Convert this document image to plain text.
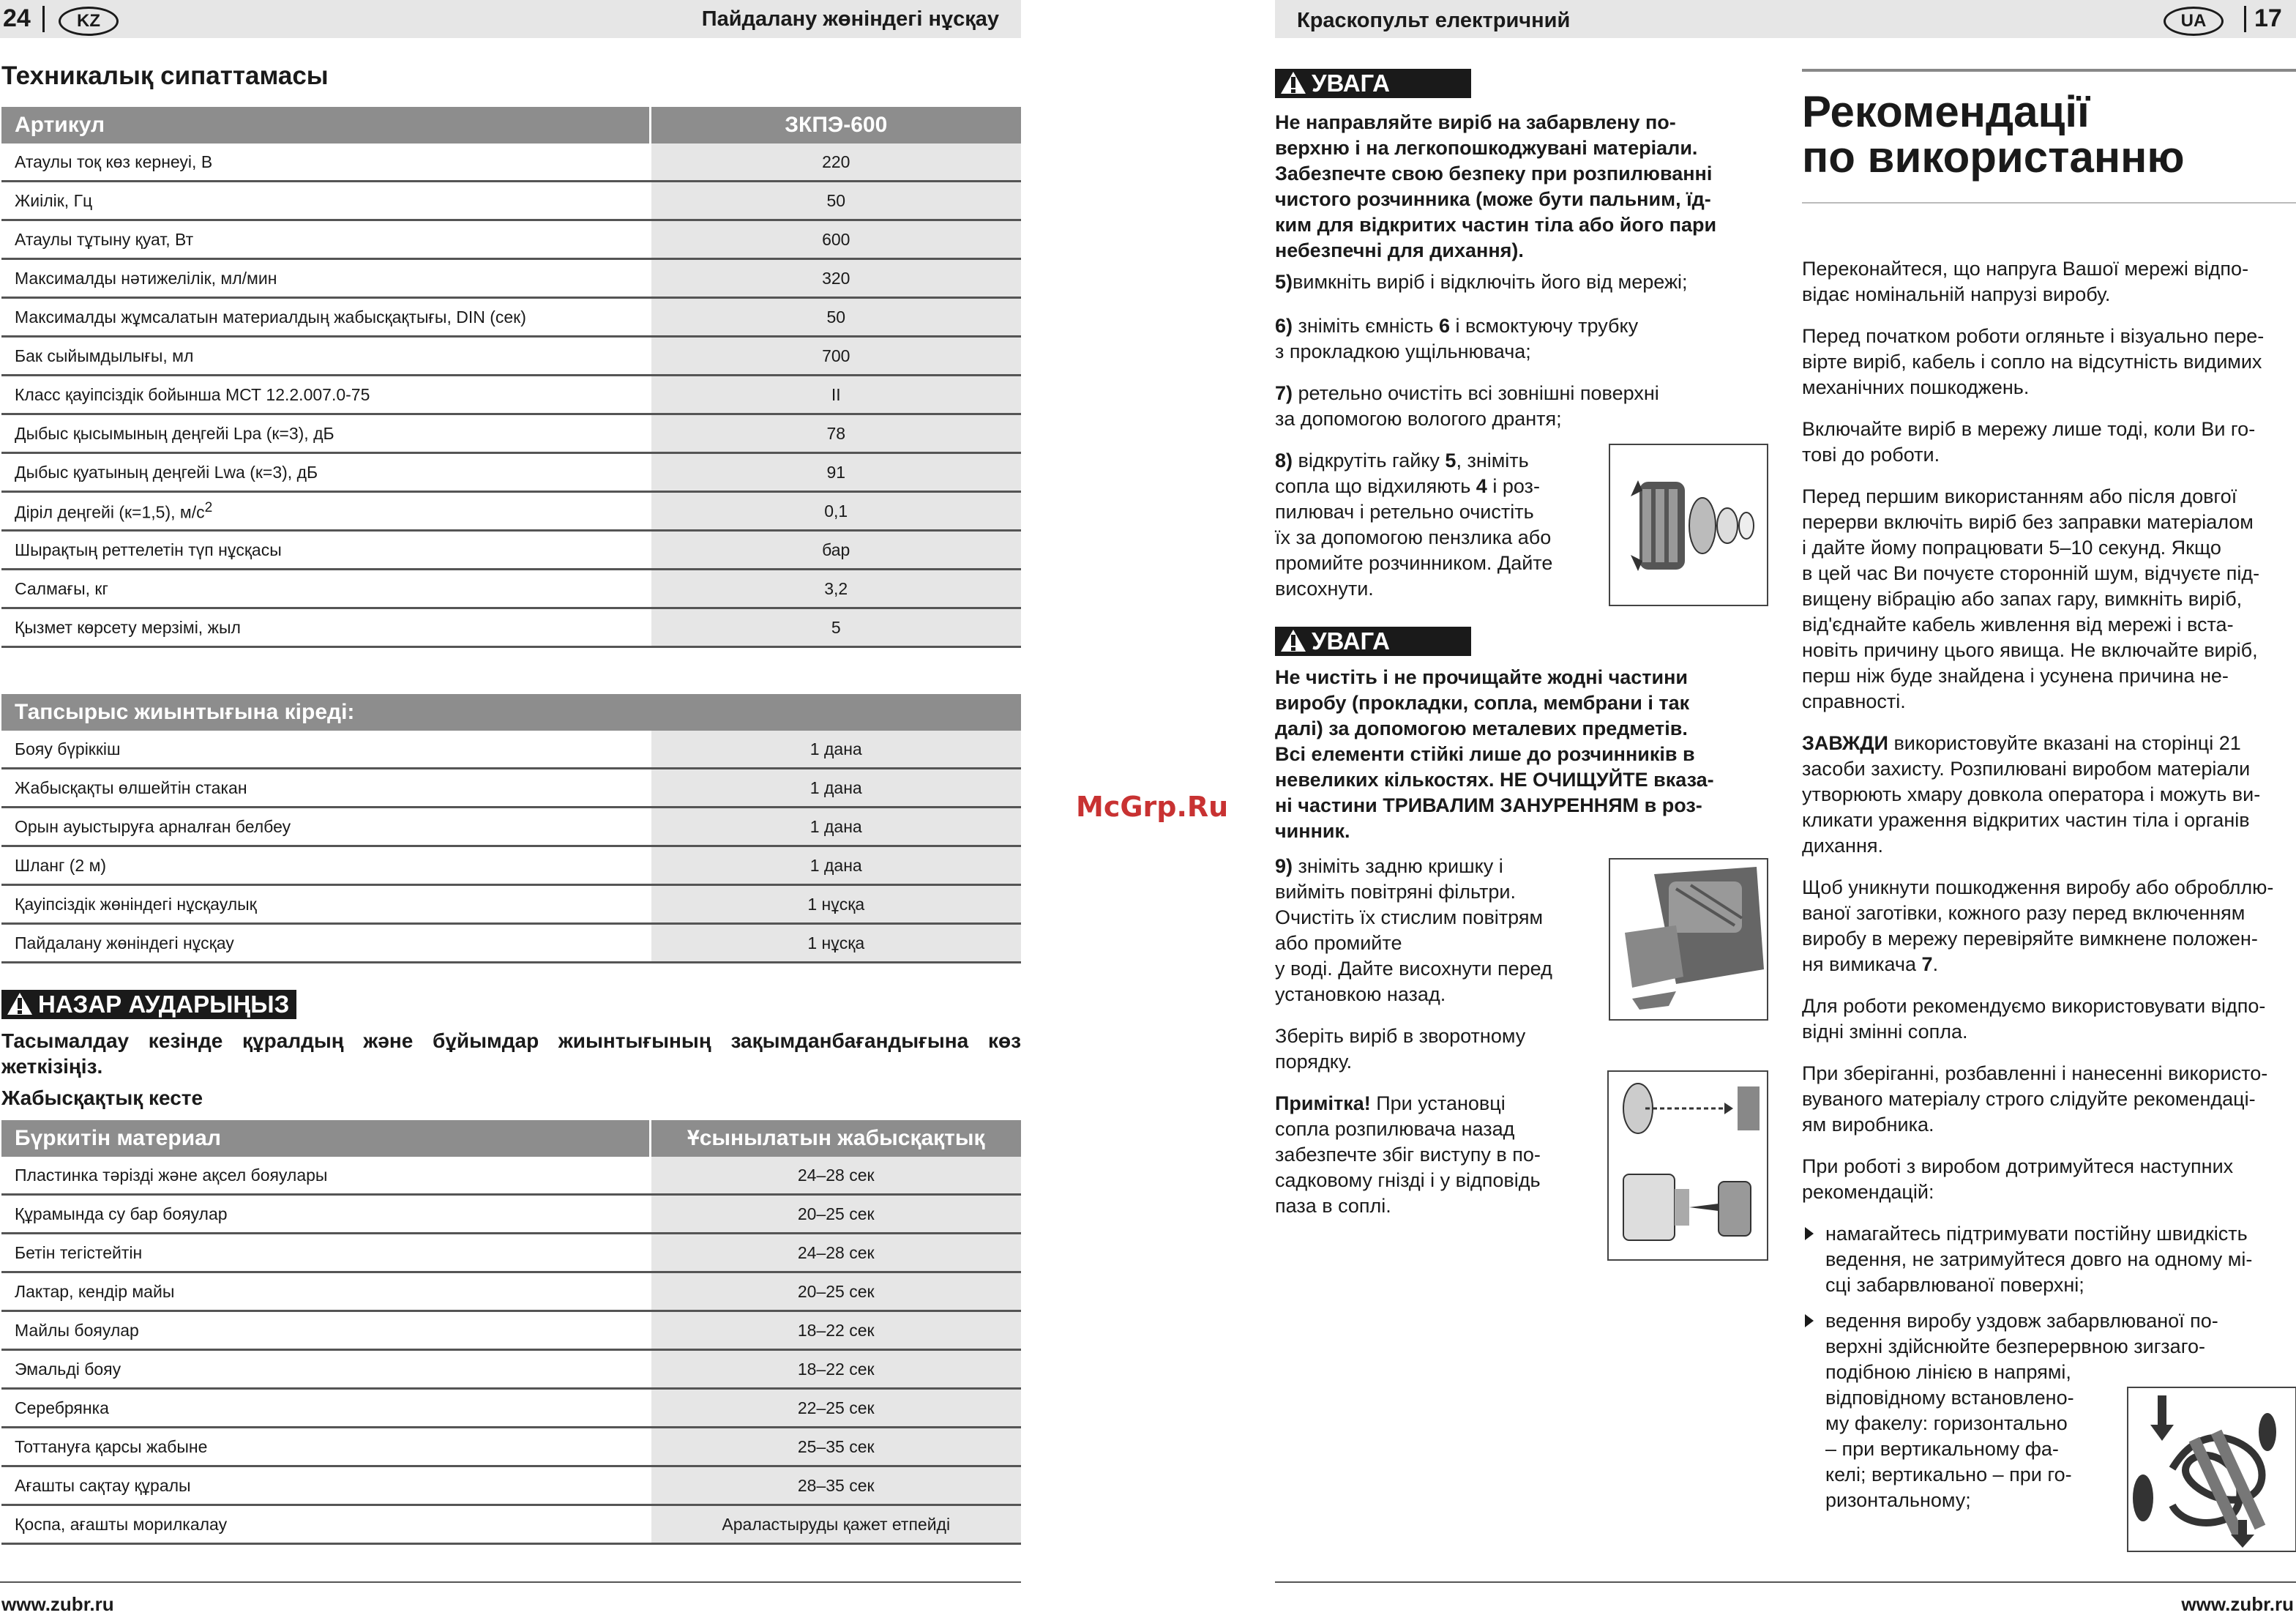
24	KZ	Пайдалану жөніндегі нұсқау
Техникалық сипаттамасы
Артикул	ЗКПЭ-600
Атаулы тоқ көз кернеуі, В	220
Жиілік, Гц	50
Атаулы тұтыну қуат, Вт	600
Максималды нәтижелілік, мл/мин	320
Максималды жұмсалатын материалдың жабысқақтығы, DIN (сек)	50
Бак сыйымдылығы, мл	700
Класс қауіпсіздік бойынша МСТ 12.2.007.0-75	II
Дыбыс қысымының деңгейі Lpa (к=3), дБ	78
Дыбыс қуатының деңгейі Lwa (к=3), дБ	91
Діріл деңгейі (к=1,5), $м/с^2$	0,1
Шырақтың реттелетін түп нұсқасы	бар
Салмағы, кг	3,2
Қызмет көрсету мерзімі, жыл	5
Тапсырыс жиынтығына кіреді:	
Бояу бүріккіш	1 дана
Жабысқақты өлшейтін стакан	1 дана
Орын ауыстыруға арналған белбеу	1 дана
Шланг (2 м)	1 дана
Қауіпсіздік жөніндегі нұсқаулық	1 нұсқа
Пайдалану жөніндегі нұсқау	1 нұсқа
НАЗАР АУДАРЫҢЫЗ
Тасымалдау кезінде құралдың және бұйымдар жиынтығының зақымданбағандығына көз жеткізіңіз.
Жабысқақтық кесте
Бүркитін материал	Ұсынылатын жабысқақтық
Пластинка тәрізді және ақсел бояулары	24–28 сек
Құрамында су бар бояулар	20–25 сек
Бетін тегістейтін	24–28 сек
Лактар, кендір майы	20–25 сек
Майлы бояулар	18–22 сек
Эмальді бояу	18–22 сек
Серебрянка	22–25 сек
Тоттануға қарсы жабыне	25–35 сек
Ағашты сақтау құралы	28–35 сек
Қоспа, ағашты морилкалау	Араластыруды қажет етпейді
www.zubr.ru
McGrp.Ru
Краскопульт електричний	UA	17
УВАГА
Не направляйте виріб на забарвлену по-
верхню і на легкопошкоджувані матеріали.
Забезпечте свою безпеку при розпилюванні
чистого розчинника (може бути пальним, їд-
ким для відкритих частин тіла або його пари
небезпечні для дихання).
5)вимкніть виріб і відключіть його від мережі;
6) зніміть ємність 6 і всмоктуючу трубку
з прокладкою ущільнювача;
7) ретельно очистіть всі зовнішні поверхні
за допомогою вологого дрантя;
8) відкрутіть гайку 5, зніміть
сопла що відхиляють 4 і роз-
пилювач і ретельно очистіть
їх за допомогою пензлика або
промийте розчинником. Дайте
висохнути.
УВАГА
Не чистіть і не прочищайте жодні частини
виробу (прокладки, сопла, мембрани і так
далі) за допомогою металевих предметів.
Всі елементи стійкі лише до розчинників в
невеликих кількостях. НЕ ОЧИЩУЙТЕ вказа-
ні частини ТРИВАЛИМ ЗАНУРЕННЯМ в роз-
чинник.
9) зніміть задню кришку і
вийміть повітряні фільтри.
Очистіть їх стислим повітрям
або промийте
у воді. Дайте висохнути перед
установкою назад.
Зберіть виріб в зворотному
порядку.
Примітка! При установці
сопла розпилювача назад
забезпечте збіг виступу в по-
садковому гнізді і у відповідь
паза в соплі.
Рекомендації
по використанню
Переконайтеся, що напруга Вашої мережі відпо-
відає номінальній напрузі виробу.
Перед початком роботи огляньте і візуально пере-
вірте виріб, кабель і сопло на відсутність видимих
механічних пошкоджень.
Включайте виріб в мережу лише тоді, коли Ви го-
тові до роботи.
Перед першим використанням або після довгої
перерви включіть виріб без заправки матеріалом
і дайте йому попрацювати 5–10 секунд. Якщо
в цей час Ви почуєте сторонній шум, відчуєте під-
вищену вібрацію або запах гару, вимкніть виріб,
від'єднайте кабель живлення від мережі і вста-
новіть причину цього явища. Не включайте виріб,
перш ніж буде знайдена і усунена причина не-
справності.
ЗАВЖДИ використовуйте вказані на сторінці 21
засоби захисту. Розпилювані виробом матеріали
утворюють хмару довкола оператора і можуть ви-
кликати ураження відкритих частин тіла і органів
дихання.
Щоб уникнути пошкодження виробу або обробллю-
ваної заготівки, кожного разу перед включенням
виробу в мережу перевіряйте вимкнене положен-
ня вимикача 7.
Для роботи рекомендуємо використовувати відпо-
відні змінні сопла.
При зберіганні, розбавленні і нанесенні використо-
вуваного матеріалу строго слідуйте рекомендаці-
ям виробника.
При роботі з виробом дотримуйтеся наступних
рекомендацій:
намагайтесь підтримувати постійну швидкість
ведення, не затримуйтеся довго на одному мі-
сці забарвлюваної поверхні;
ведення виробу уздовж забарвлюваної по-
верхні здійснюйте безперервною зигзаго-
подібною лінією в напрямі,
відповідному встановлено-
му факелу: горизонтально
– при вертикальному фа-
келі; вертикально – при го-
ризонтальному;
www.zubr.ru
